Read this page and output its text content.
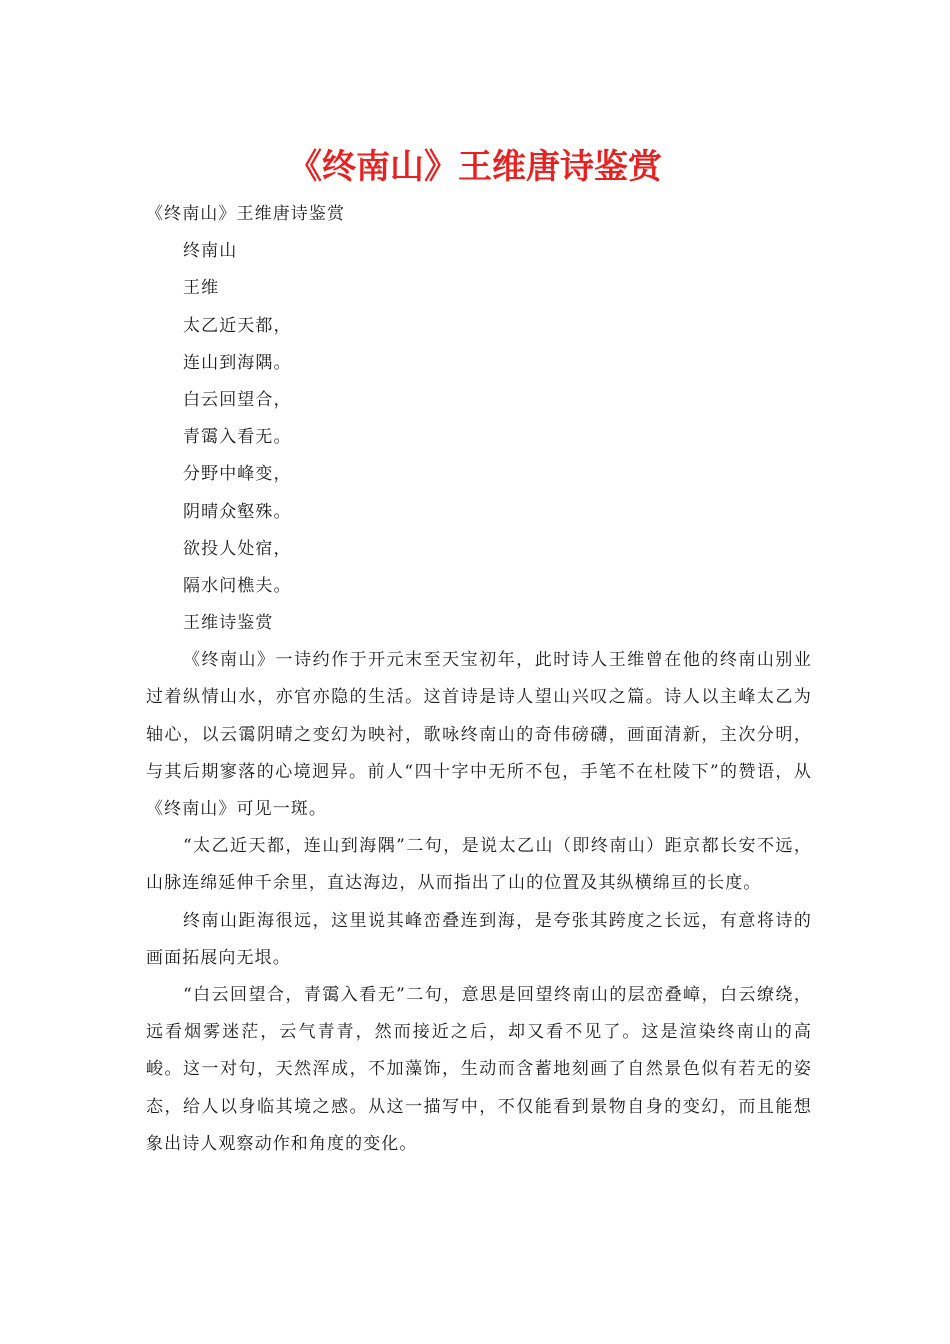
《终南山》王维唐诗鉴赏
《终南山》王维唐诗鉴赏
终南山
王维
太乙近天都，
连山到海隅。
白云回望合，
青霭入看无。
分野中峰变，
阴晴众壑殊。
欲投人处宿，
隔水问樵夫。
王维诗鉴赏
《终南山》一诗约作于开元末至天宝初年，此时诗人王维曾在他的终南山别业过着纵情山水，亦官亦隐的生活。这首诗是诗人望山兴叹之篇。诗人以主峰太乙为轴心，以云霭阴晴之变幻为映衬，歌咏终南山的奇伟磅礴，画面清新，主次分明，与其后期寥落的心境迥异。前人“四十字中无所不包，手笔不在杜陵下”的赞语，从《终南山》可见一斑。
“太乙近天都，连山到海隅”二句，是说太乙山（即终南山）距京都长安不远，山脉连绵延伸千余里，直达海边，从而指出了山的位置及其纵横绵亘的长度。
终南山距海很远，这里说其峰峦叠连到海，是夸张其跨度之长远，有意将诗的画面拓展向无垠。
“白云回望合，青霭入看无”二句，意思是回望终南山的层峦叠嶂，白云缭绕，远看烟雾迷茫，云气青青，然而接近之后，却又看不见了。这是渲染终南山的高峻。这一对句，天然浑成，不加藻饰，生动而含蓄地刻画了自然景色似有若无的姿态，给人以身临其境之感。从这一描写中，不仅能看到景物自身的变幻，而且能想象出诗人观察动作和角度的变化。
